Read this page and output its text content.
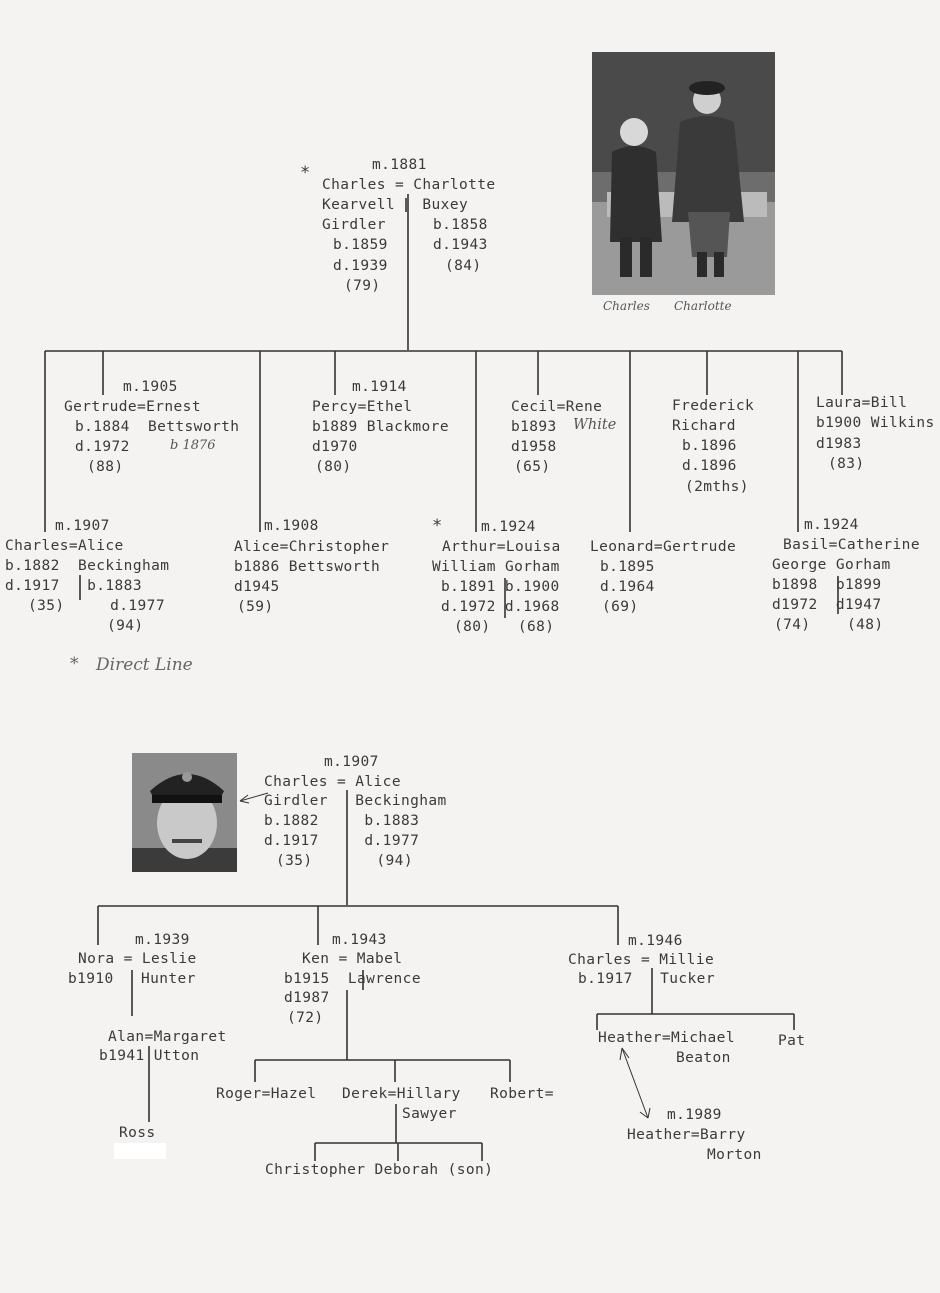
Charles Charlotte
*	m.1881
Charles = Charlotte
Kearvell   Buxey
Girdler	b.1858
b.1859	d.1943
d.1939	(84)
(79)
m.1905
Gertrude=Ernest
b.1884  Bettsworth
d.1972	b 1876
(88)
m.1914
Percy=Ethel
b1889 Blackmore
d1970
(80)
Cecil=Rene
b1893 White
d1958
(65)
Frederick
Richard
b.1896
d.1896
(2mths)
Laura=Bill
b1900 Wilkins
d1983
(83)
m.1907
Charles=Alice
b.1882  Beckingham
d.1917   b.1883
(35)     d.1977
(94)
m.1908
Alice=Christopher
b1886 Bettsworth
d1945
(59)
*	m.1924
Arthur=Louisa
William Gorham
b.1891 b.1900
d.1972 d.1968
(80)   (68)
Leonard=Gertrude
b.1895
d.1964
(69)
m.1924
Basil=Catherine
George Gorham
b1898  b1899
d1972  d1947
(74)    (48)
* Direct Line
m.1907
Charles = Alice
Girdler   Beckingham
b.1882     b.1883
d.1917     d.1977
(35)       (94)
m.1939
Nora = Leslie
b1910   Hunter
Alan=Margaret
b1941 Utton
Ross
m.1943
Ken = Mabel
b1915  Lawrence
d1987
(72)
Roger=Hazel Derek=Hillary
Sawyer
Robert=
Christopher Deborah (son)
m.1946
Charles = Millie
b.1917   Tucker
Heather=Michael
Beaton
Pat
m.1989
Heather=Barry
Morton
